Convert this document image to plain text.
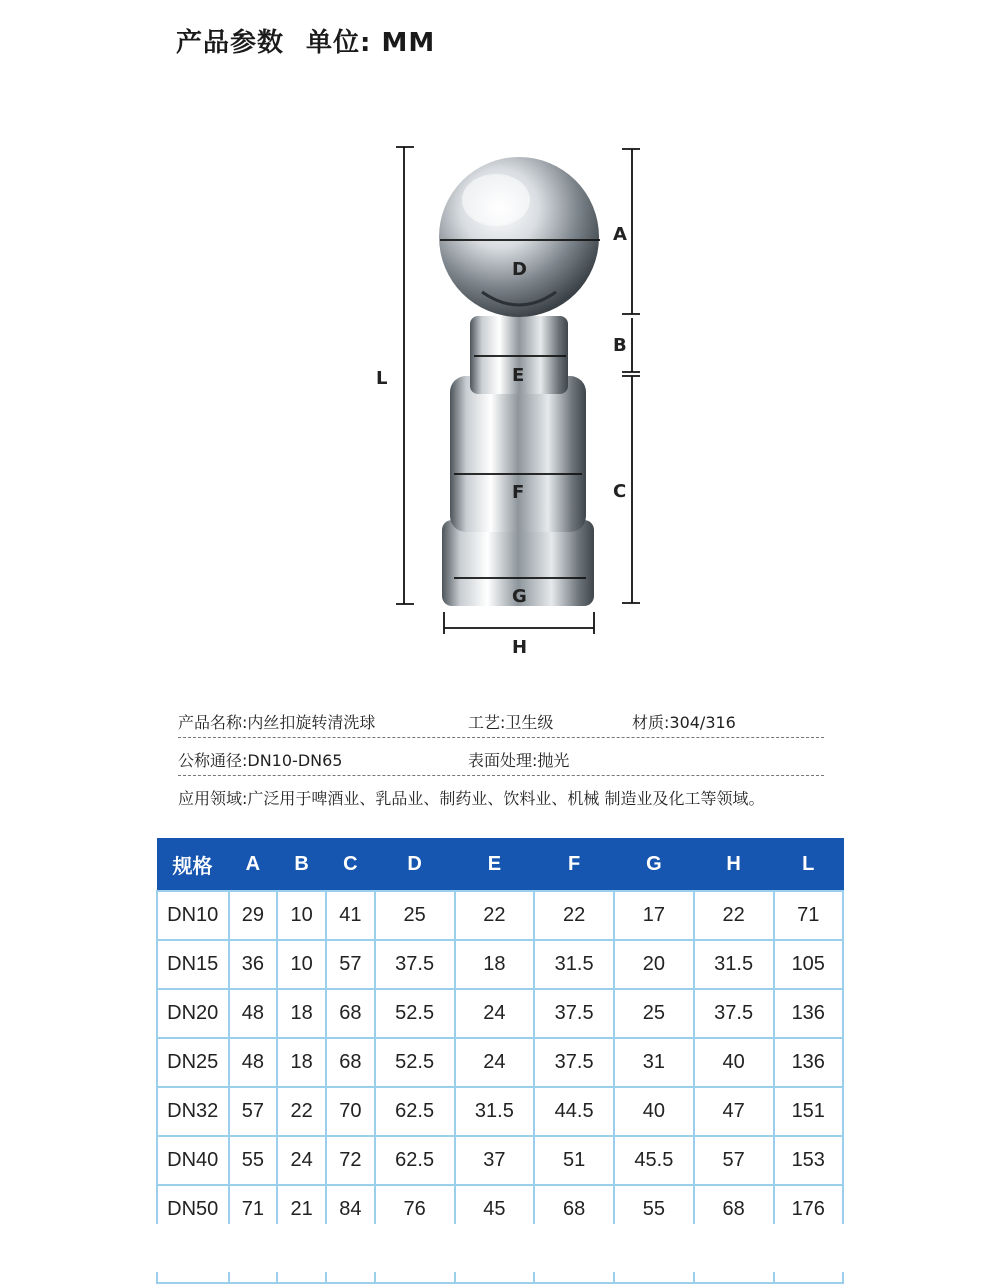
产品参数 单位: MM
A
B
C
D
E
F
G
H
L
产品名称:内丝扣旋转清洗球	工艺:卫生级	材质:304/316
公称通径:DN10-DN65	表面处理:抛光
应用领域:广泛用于啤酒业、乳品业、制药业、饮料业、机械 制造业及化工等领域。
规格	A	B	C	D	E	F	G	H	L
DN10	29	10	41	25	22	22	17	22	71
DN15	36	10	57	37.5	18	31.5	20	31.5	105
DN20	48	18	68	52.5	24	37.5	25	37.5	136
DN25	48	18	68	52.5	24	37.5	31	40	136
DN32	57	22	70	62.5	31.5	44.5	40	47	151
DN40	55	24	72	62.5	37	51	45.5	57	153
DN50	71	21	84	76	45	68	55	68	176
